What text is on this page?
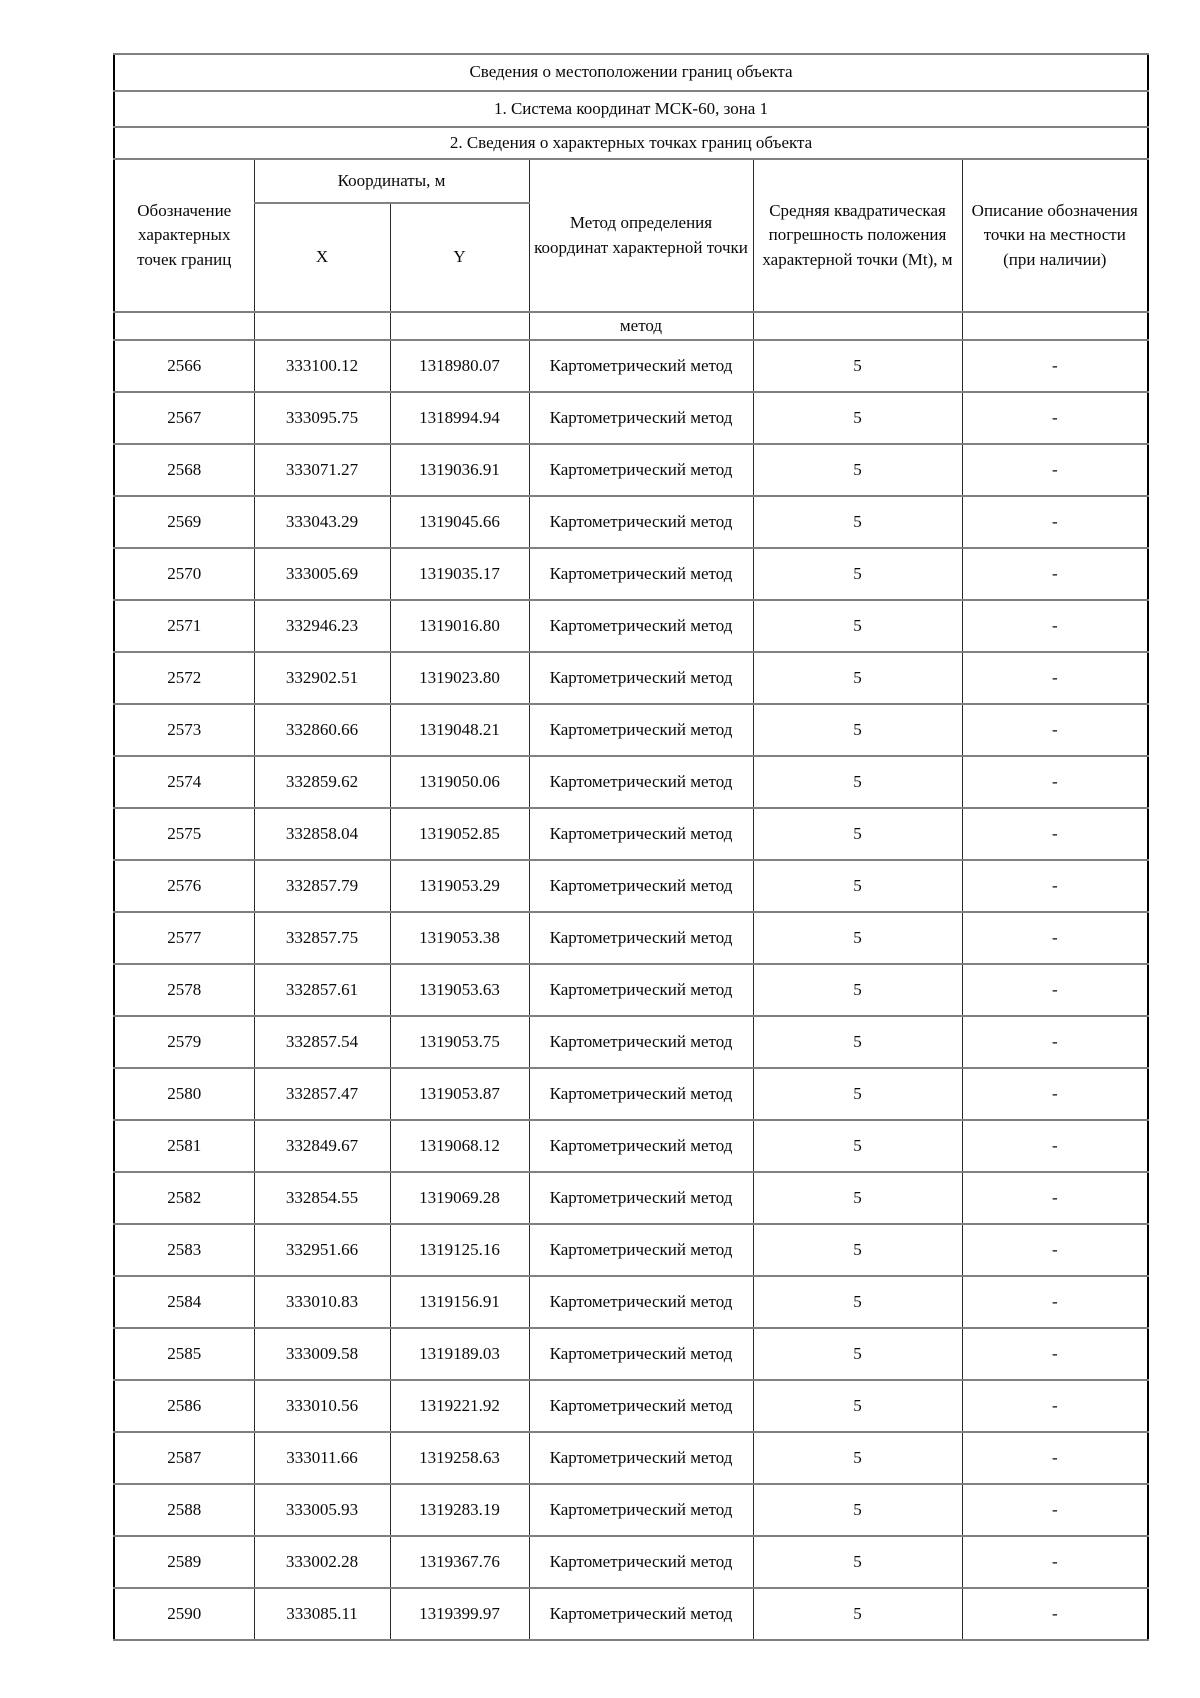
Сведения о местоположении границ объекта					
1. Система координат МСК-60, зона 1					
2. Сведения о характерных точках границ объекта					
Обозначение характерных точек границ	Координаты, м		Метод определения координат характерной точки	Средняя квадратическая погрешность положения характерной точки (Mt), м	Описание обозначения точки на местности (при наличии)
	X	Y			
			метод		
2566	333100.12	1318980.07	Картометрический метод	5	-
2567	333095.75	1318994.94	Картометрический метод	5	-
2568	333071.27	1319036.91	Картометрический метод	5	-
2569	333043.29	1319045.66	Картометрический метод	5	-
2570	333005.69	1319035.17	Картометрический метод	5	-
2571	332946.23	1319016.80	Картометрический метод	5	-
2572	332902.51	1319023.80	Картометрический метод	5	-
2573	332860.66	1319048.21	Картометрический метод	5	-
2574	332859.62	1319050.06	Картометрический метод	5	-
2575	332858.04	1319052.85	Картометрический метод	5	-
2576	332857.79	1319053.29	Картометрический метод	5	-
2577	332857.75	1319053.38	Картометрический метод	5	-
2578	332857.61	1319053.63	Картометрический метод	5	-
2579	332857.54	1319053.75	Картометрический метод	5	-
2580	332857.47	1319053.87	Картометрический метод	5	-
2581	332849.67	1319068.12	Картометрический метод	5	-
2582	332854.55	1319069.28	Картометрический метод	5	-
2583	332951.66	1319125.16	Картометрический метод	5	-
2584	333010.83	1319156.91	Картометрический метод	5	-
2585	333009.58	1319189.03	Картометрический метод	5	-
2586	333010.56	1319221.92	Картометрический метод	5	-
2587	333011.66	1319258.63	Картометрический метод	5	-
2588	333005.93	1319283.19	Картометрический метод	5	-
2589	333002.28	1319367.76	Картометрический метод	5	-
2590	333085.11	1319399.97	Картометрический метод	5	-
